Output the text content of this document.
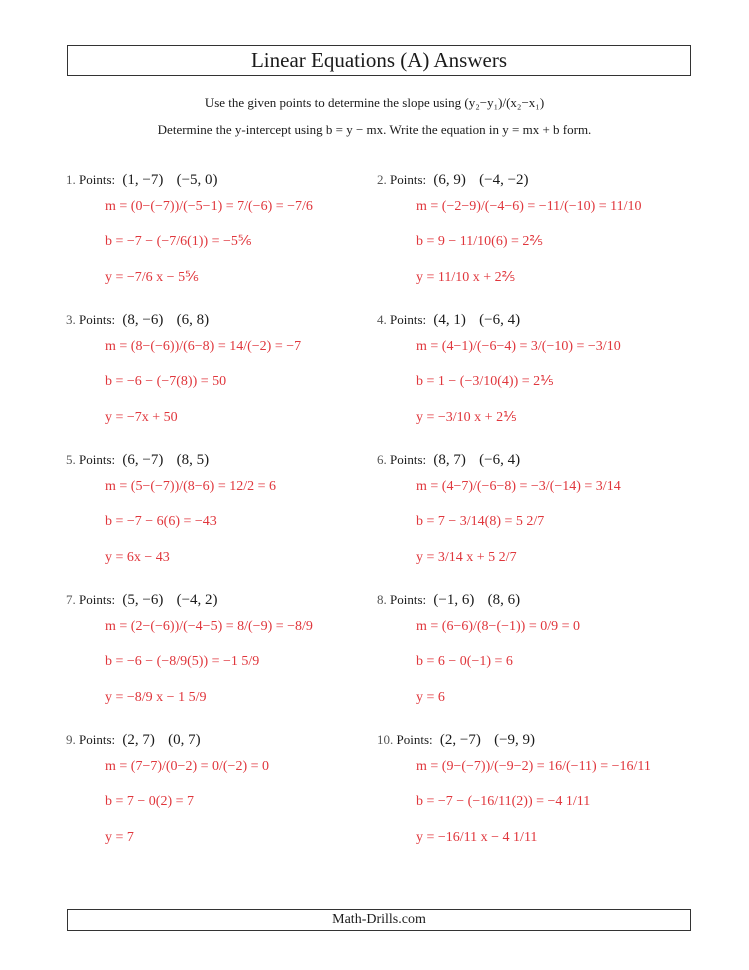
Linear Equations (A) Answers
Use the given points to determine the slope using (y₂−y₁)/(x₂−x₁)
Determine the y-intercept using b = y − mx. Write the equation in y = mx + b form.
1. Points: (1, −7) (−5, 0)
m = (0−(−7))/(−5−1) = 7/(−6) = −7/6
b = −7 − (−7/6(1)) = −5⅚
y = −7/6 x − 5⅚
2. Points: (6, 9) (−4, −2)
m = (−2−9)/(−4−6) = −11/(−10) = 11/10
b = 9 − 11/10(6) = 2⅖
y = 11/10 x + 2⅖
3. Points: (8, −6) (6, 8)
m = (8−(−6))/(6−8) = 14/(−2) = −7
b = −6 − (−7(8)) = 50
y = −7x + 50
4. Points: (4, 1) (−6, 4)
m = (4−1)/(−6−4) = 3/(−10) = −3/10
b = 1 − (−3/10(4)) = 2⅕
y = −3/10 x + 2⅕
5. Points: (6, −7) (8, 5)
m = (5−(−7))/(8−6) = 12/2 = 6
b = −7 − 6(6) = −43
y = 6x − 43
6. Points: (8, 7) (−6, 4)
m = (4−7)/(−6−8) = −3/(−14) = 3/14
b = 7 − 3/14(8) = 5 2/7
y = 3/14 x + 5 2/7
7. Points: (5, −6) (−4, 2)
m = (2−(−6))/(−4−5) = 8/(−9) = −8/9
b = −6 − (−8/9(5)) = −1 5/9
y = −8/9 x − 1 5/9
8. Points: (−1, 6) (8, 6)
m = (6−6)/(8−(−1)) = 0/9 = 0
b = 6 − 0(−1) = 6
y = 6
9. Points: (2, 7) (0, 7)
m = (7−7)/(0−2) = 0/(−2) = 0
b = 7 − 0(2) = 7
y = 7
10. Points: (2, −7) (−9, 9)
m = (9−(−7))/(−9−2) = 16/(−11) = −16/11
b = −7 − (−16/11(2)) = −4 1/11
y = −16/11 x − 4 1/11
Math-Drills.com
